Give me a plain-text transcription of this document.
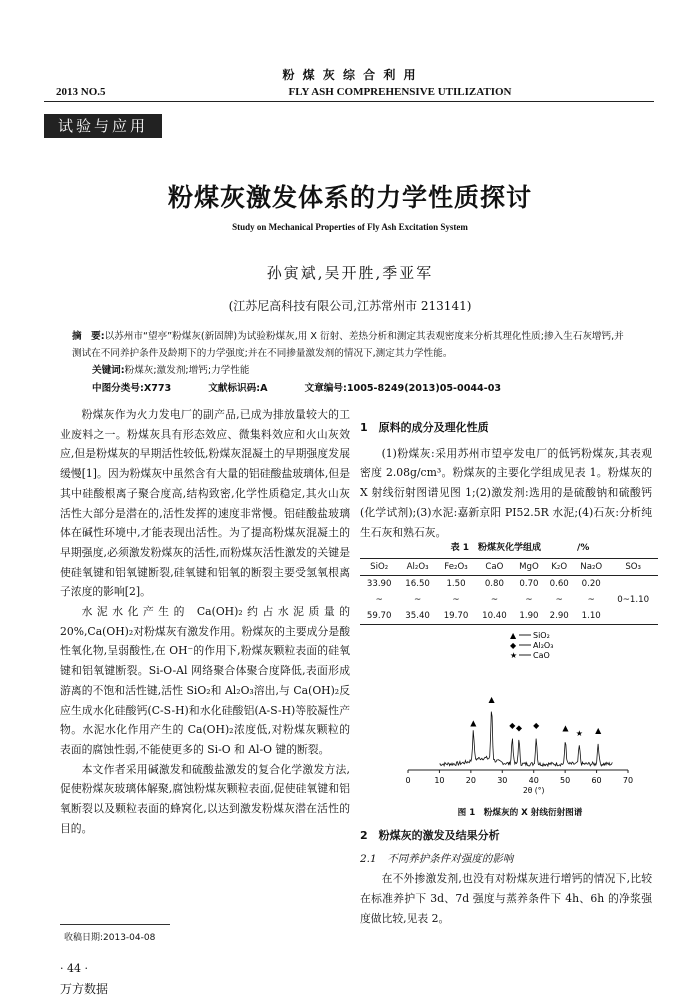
粉 煤 灰 综 合 利 用
2013 NO.5	FLY ASH COMPREHENSIVE UTILIZATION
试验与应用
粉煤灰激发体系的力学性质探讨
Study on Mechanical Properties of Fly Ash Excitation System
孙寅斌,吴开胜,季亚军
(江苏尼高科技有限公司,江苏常州市 213141)
摘　要:以苏州市“望亭”粉煤灰(新固牌)为试验粉煤灰,用 X 衍射、差热分析和测定其表观密度来分析其理化性质;掺入生石灰增钙,并测试在不同养护条件及龄期下的力学强度;并在不同掺量激发剂的情况下,测定其力学性能。
关键词:粉煤灰;激发剂;增钙;力学性能
中图分类号:X773	文献标识码:A	文章编号:1005-8249(2013)05-0044-03

粉煤灰作为火力发电厂的副产品,已成为排放量较大的工业废料之一。粉煤灰具有形态效应、微集料效应和火山灰效应,但是粉煤灰的早期活性较低,粉煤灰混凝土的早期强度发展缓慢[1]。因为粉煤灰中虽然含有大量的铝硅酸盐玻璃体,但是其中硅酸根离子聚合度高,结构致密,化学性质稳定,其火山灰活性大部分是潜在的,活性发挥的速度非常慢。铝硅酸盐玻璃体在碱性环境中,才能表现出活性。为了提高粉煤灰混凝土的早期强度,必须激发粉煤灰的活性,而粉煤灰活性激发的关键是使硅氧键和铝氧键断裂,硅氧键和铝氧的断裂主要受氢氧根离子浓度的影响[2]。

水泥水化产生的 Ca(OH)₂约占水泥质量的 20%,Ca(OH)₂对粉煤灰有激发作用。粉煤灰的主要成分是酸性氧化物,呈弱酸性,在 OH⁻的作用下,粉煤灰颗粒表面的硅氧键和铝氧键断裂。Si-O-Al 网络聚合体聚合度降低,表面形成游离的不饱和活性键,活性 SiO₂和 Al₂O₃溶出,与 Ca(OH)₂反应生成水化硅酸钙(C-S-H)和水化硅酸铝(A-S-H)等胶凝性产物。水泥水化作用产生的 Ca(OH)₂浓度低,对粉煤灰颗粒的表面的腐蚀性弱,不能使更多的 Si-O 和 Al-O 键的断裂。

本文作者采用碱激发和硫酸盐激发的复合化学激发方法,促使粉煤灰玻璃体解聚,腐蚀粉煤灰颗粒表面,促使硅氧键和铝氧断裂以及颗粒表面的蜂窝化,以达到激发粉煤灰潜在活性的目的。

1　原料的成分及理化性质

(1)粉煤灰:采用苏州市望亭发电厂的低钙粉煤灰,其表观密度 2.08g/cm³。粉煤灰的主要化学组成见表 1。粉煤灰的 X 射线衍射图谱见图 1;(2)激发剂:选用的是硫酸钠和硫酸钙(化学试剂);(3)水泥:嘉新京阳 PI52.5R 水泥;(4)石灰:分析纯生石灰和熟石灰。

表 1　粉煤灰化学组成　　　　/%
SiO₂	Al₂O₃	Fe₂O₃	CaO	MgO	K₂O	Na₂O	SO₃
33.90	16.50	1.50	0.80	0.70	0.60	0.20	
~	~	~	~	~	~	~	0~1.10
59.70	35.40	19.70	10.40	1.90	2.90	1.10	
▲ SiO₂
◆ Al₂O₃
★ CaO
▲
▲
◆ ◆ ◆	▲
★ ▲
0	10	20	30	40	50	60	70
2θ (°)
图 1　粉煤灰的 X 射线衍射图谱
2　粉煤灰的激发及结果分析
2.1　不同养护条件对强度的影响

在不外掺激发剂,也没有对粉煤灰进行增钙的情况下,比较在标准养护下 3d、7d 强度与蒸养条件下 4h、6h 的净浆强度做比较,见表 2。

收稿日期:2013-04-08
· 44 ·
万方数据
